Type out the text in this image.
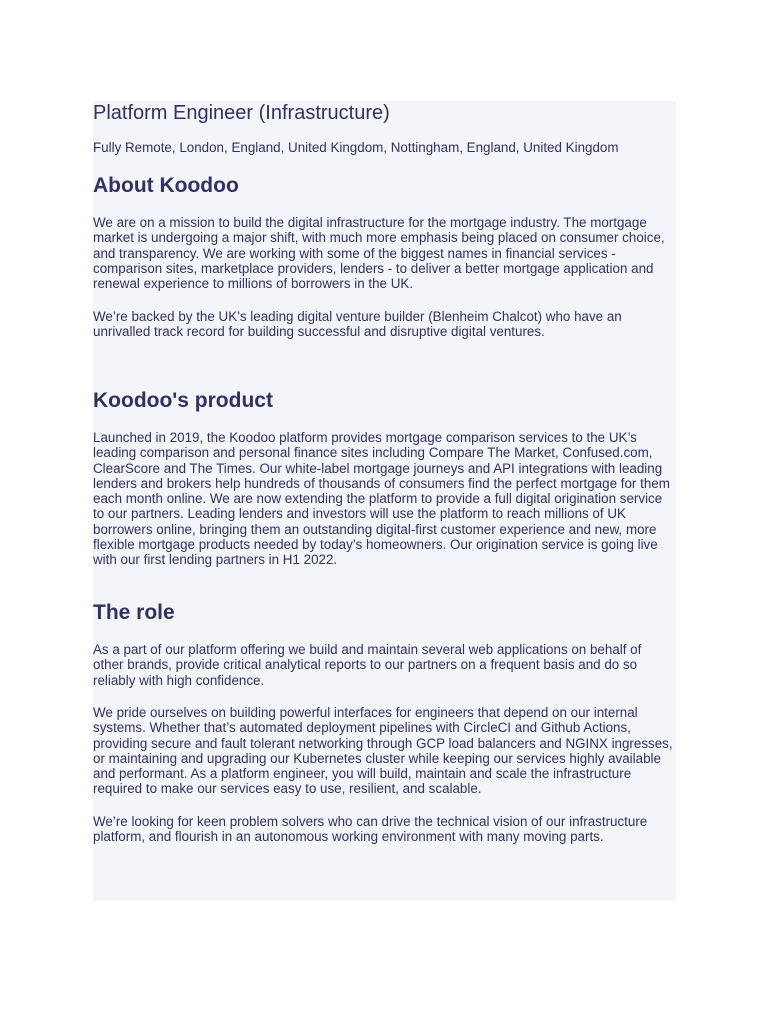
Platform Engineer (Infrastructure)

Fully Remote, London, England, United Kingdom, Nottingham, England, United Kingdom

About Koodoo

We are on a mission to build the digital infrastructure for the mortgage industry. The mortgage market is undergoing a major shift, with much more emphasis being placed on consumer choice, and transparency. We are working with some of the biggest names in financial services - comparison sites, marketplace providers, lenders - to deliver a better mortgage application and renewal experience to millions of borrowers in the UK.

We’re backed by the UK’s leading digital venture builder (Blenheim Chalcot) who have an unrivalled track record for building successful and disruptive digital ventures.

Koodoo's product

Launched in 2019, the Koodoo platform provides mortgage comparison services to the UK’s leading comparison and personal finance sites including Compare The Market, Confused.com, ClearScore and The Times. Our white-label mortgage journeys and API integrations with leading lenders and brokers help hundreds of thousands of consumers find the perfect mortgage for them each month online. We are now extending the platform to provide a full digital origination service to our partners. Leading lenders and investors will use the platform to reach millions of UK borrowers online, bringing them an outstanding digital-first customer experience and new, more flexible mortgage products needed by today’s homeowners. Our origination service is going live with our first lending partners in H1 2022.

The role

As a part of our platform offering we build and maintain several web applications on behalf of other brands, provide critical analytical reports to our partners on a frequent basis and do so reliably with high confidence.

We pride ourselves on building powerful interfaces for engineers that depend on our internal systems. Whether that’s automated deployment pipelines with CircleCI and Github Actions, providing secure and fault tolerant networking through GCP load balancers and NGINX ingresses, or maintaining and upgrading our Kubernetes cluster while keeping our services highly available and performant. As a platform engineer, you will build, maintain and scale the infrastructure required to make our services easy to use, resilient, and scalable.

We’re looking for keen problem solvers who can drive the technical vision of our infrastructure platform, and flourish in an autonomous working environment with many moving parts.
